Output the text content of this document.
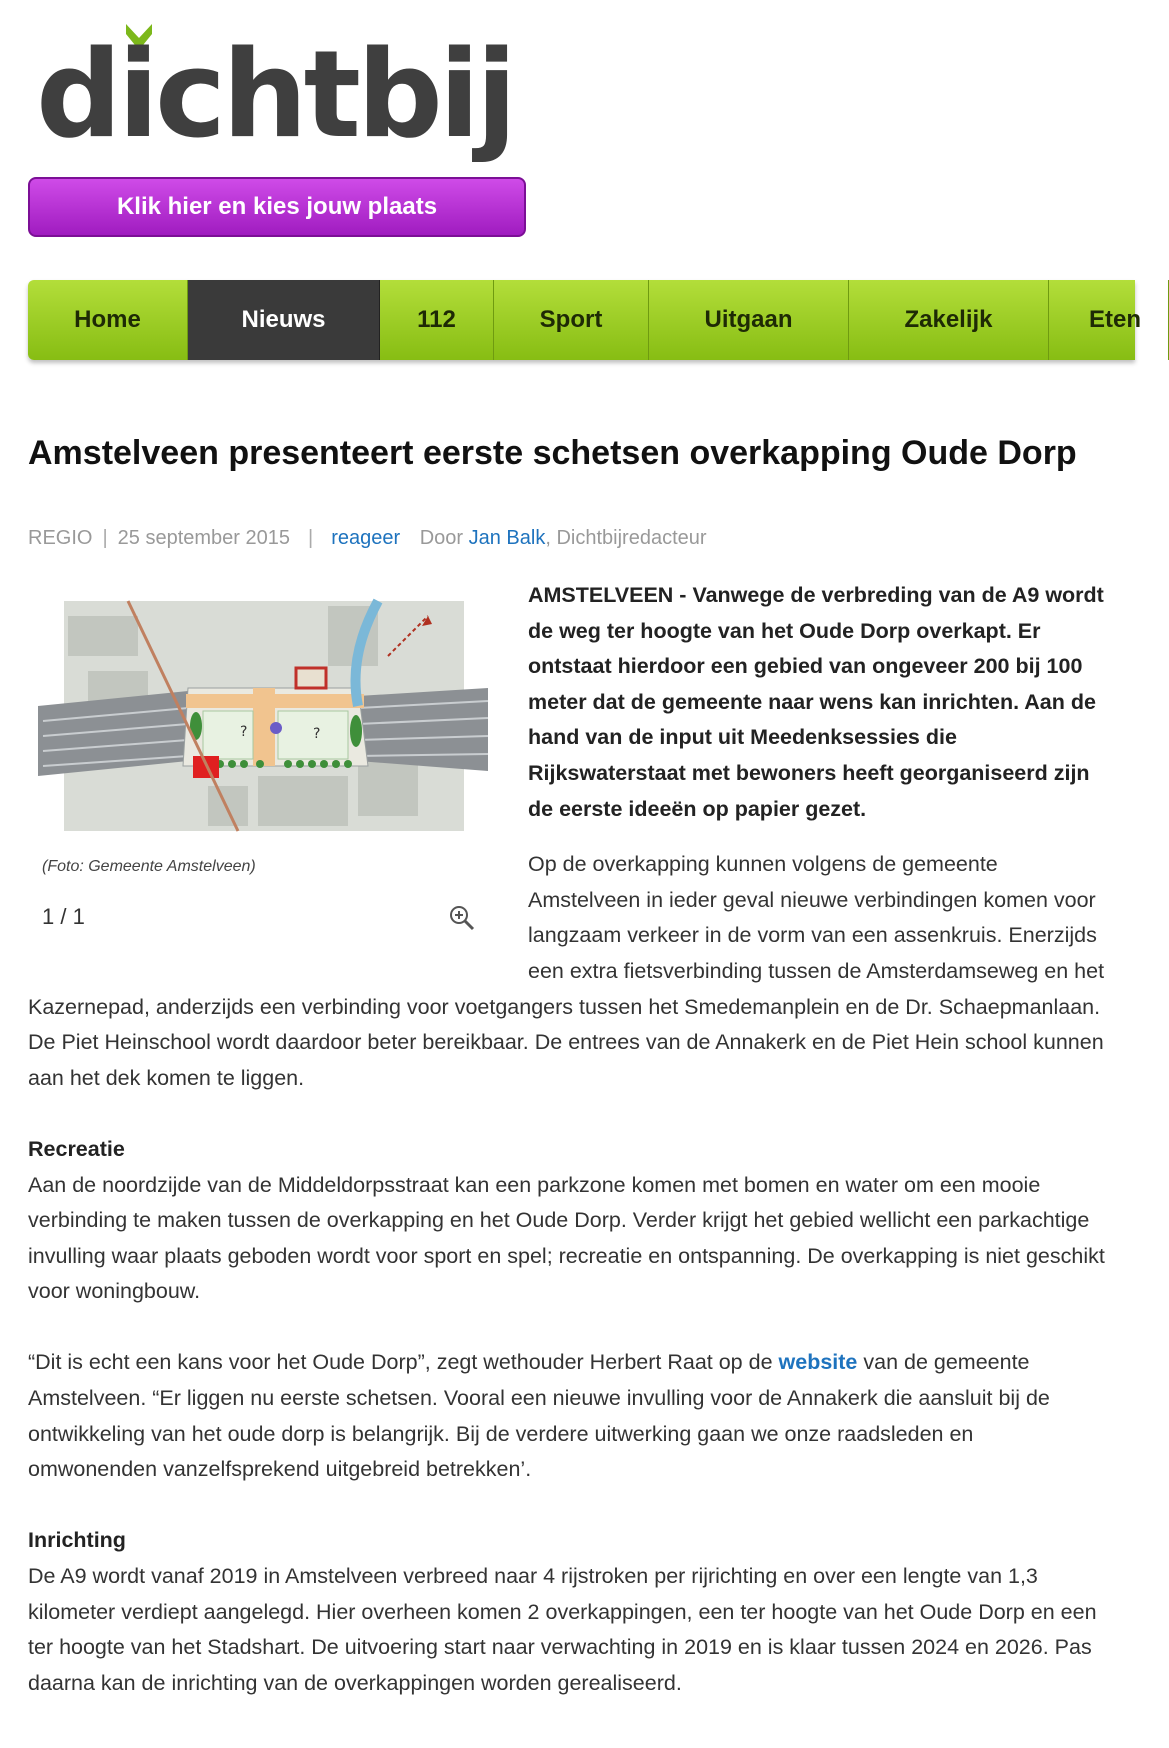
dichtbij
Klik hier en kies jouw plaats
Home	Nieuws	112	Sport	Uitgaan	Zakelijk	Eten
Amstelveen presenteert eerste schetsen overkapping Oude Dorp
REGIO | 25 september 2015 | reageer Door Jan Balk, Dichtbijredacteur

AMSTELVEEN - Vanwege de verbreding van de A9 wordt de weg ter hoogte van het Oude Dorp overkapt. Er ontstaat hierdoor een gebied van ongeveer 200 bij 100 meter dat de gemeente naar wens kan inrichten. Aan de hand van de input uit Meedenksessies die Rijkswaterstaat met bewoners heeft georganiseerd zijn de eerste ideeën op papier gezet.

Op de overkapping kunnen volgens de gemeente Amstelveen in ieder geval nieuwe verbindingen komen voor langzaam verkeer in de vorm van een assenkruis. Enerzijds een extra fietsverbinding tussen de Amsterdamseweg en het Kazernepad, anderzijds een verbinding voor voetgangers tussen het Smedemanplein en de Dr. Schaepmanlaan. De Piet Heinschool wordt daardoor beter bereikbaar. De entrees van de Annakerk en de Piet Hein school kunnen aan het dek komen te liggen.

Recreatie

Aan de noordzijde van de Middeldorpsstraat kan een parkzone komen met bomen en water om een mooie verbinding te maken tussen de overkapping en het Oude Dorp. Verder krijgt het gebied wellicht een parkachtige invulling waar plaats geboden wordt voor sport en spel; recreatie en ontspanning. De overkapping is niet geschikt voor woningbouw.

“Dit is echt een kans voor het Oude Dorp”, zegt wethouder Herbert Raat op de website van de gemeente Amstelveen. “Er liggen nu eerste schetsen. Vooral een nieuwe invulling voor de Annakerk die aansluit bij de ontwikkeling van het oude dorp is belangrijk. Bij de verdere uitwerking gaan we onze raadsleden en omwonenden vanzelfsprekend uitgebreid betrekken’.

Inrichting

De A9 wordt vanaf 2019 in Amstelveen verbreed naar 4 rijstroken per rijrichting en over een lengte van 1,3 kilometer verdiept aangelegd. Hier overheen komen 2 overkappingen, een ter hoogte van het Oude Dorp en een ter hoogte van het Stadshart. De uitvoering start naar verwachting in 2019 en is klaar tussen 2024 en 2026. Pas daarna kan de inrichting van de overkappingen worden gerealiseerd.

?	?
(Foto: Gemeente Amstelveen)
1 / 1
